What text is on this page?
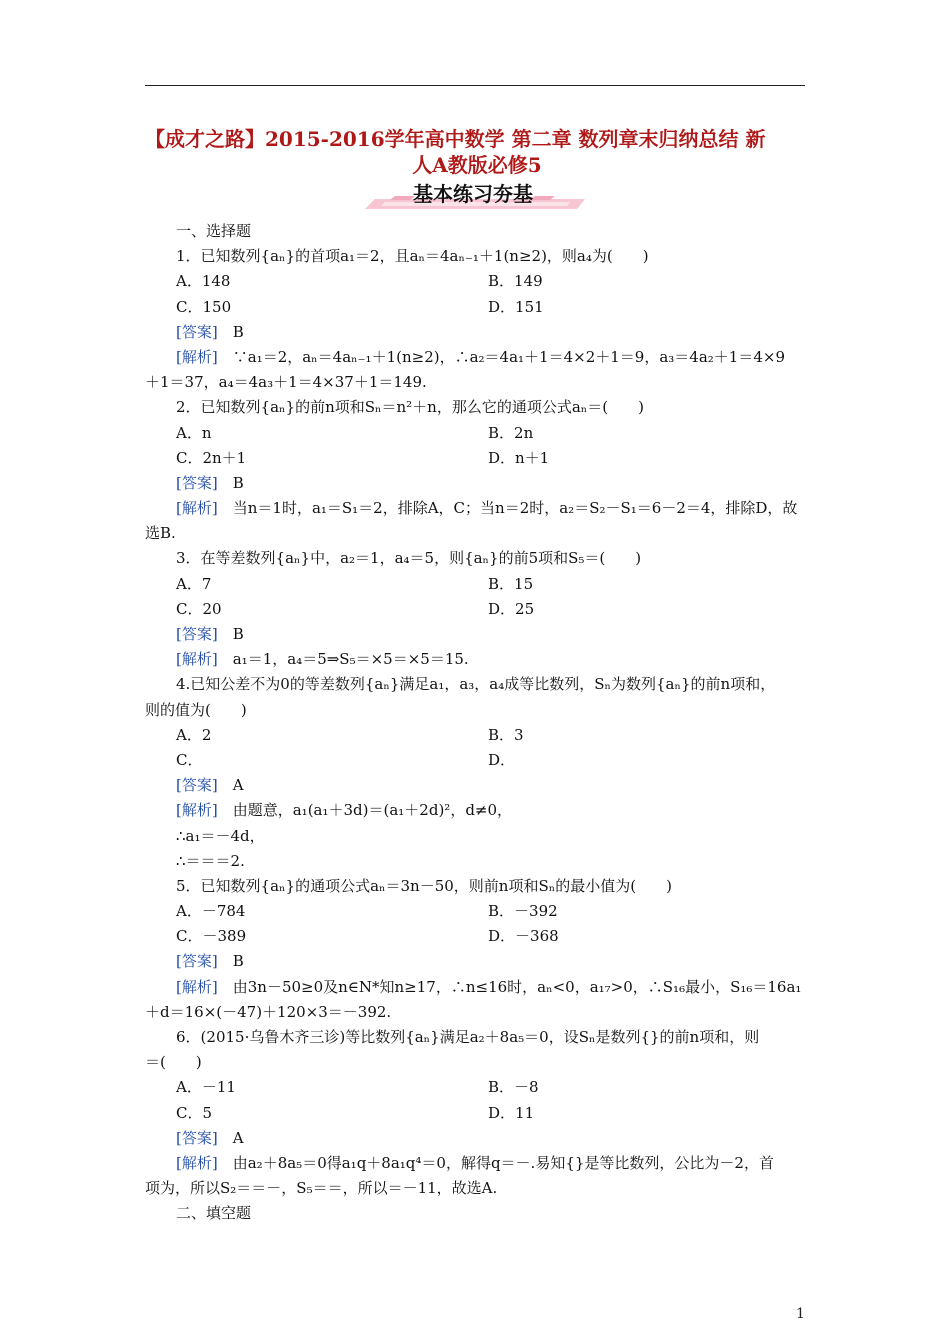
【成才之路】2015-2016学年高中数学 第二章 数列章末归纳总结 新
人A教版必修5
基本练习夯基
一、选择题
1．已知数列{aₙ}的首项a₁＝2，且aₙ＝4aₙ₋₁＋1(n≥2)，则a₄为(　　)
A．148	B．149
C．150	D．151
[答案]　 B
[解析]　 ∵a₁＝2，aₙ＝4aₙ₋₁＋1(n≥2)，∴a₂＝4a₁＋1＝4×2＋1＝9，a₃＝4a₂＋1＝4×9
＋1＝37，a₄＝4a₃＋1＝4×37＋1＝149.
2．已知数列{aₙ}的前n项和Sₙ＝n²＋n，那么它的通项公式aₙ＝(　　)
A．n	B．2n
C．2n＋1	D．n＋1
[答案]　 B
[解析]　 当n＝1时，a₁＝S₁＝2，排除A，C；当n＝2时，a₂＝S₂－S₁＝6－2＝4，排除D，故
选B.
3．在等差数列{aₙ}中，a₂＝1，a₄＝5，则{aₙ}的前5项和S₅＝(　　)
A．7	B．15
C．20	D．25
[答案]　 B
[解析]　 a₁＝1，a₄＝5⇒S₅＝×5＝×5＝15.
4.已知公差不为0的等差数列{aₙ}满足a₁，a₃，a₄成等比数列，Sₙ为数列{aₙ}的前n项和，
则的值为(　　)
A．2	B．3
C．	D．
[答案]　 A
[解析]　 由题意，a₁(a₁＋3d)＝(a₁＋2d)²，d≠0，
∴a₁＝－4d，
∴＝＝＝2.
5．已知数列{aₙ}的通项公式aₙ＝3n－50，则前n项和Sₙ的最小值为(　　)
A．－784	B．－392
C．－389	D．－368
[答案]　 B
[解析]　 由3n－50≥0及n∈N*知n≥17，∴n≤16时，aₙ<0，a₁₇>0，∴S₁₆最小，S₁₆＝16a₁
＋d＝16×(－47)＋120×3＝－392.
6．(2015·乌鲁木齐三诊)等比数列{aₙ}满足a₂＋8a₅＝0，设Sₙ是数列{}的前n项和，则
＝(　　)
A．－11	B．－8
C．5	D．11
[答案]　 A
[解析]　 由a₂＋8a₅＝0得a₁q＋8a₁q⁴＝0，解得q＝－.易知{}是等比数列，公比为－2，首
项为，所以S₂＝＝－，S₅＝＝，所以＝－11，故选A.
二、填空题
1
